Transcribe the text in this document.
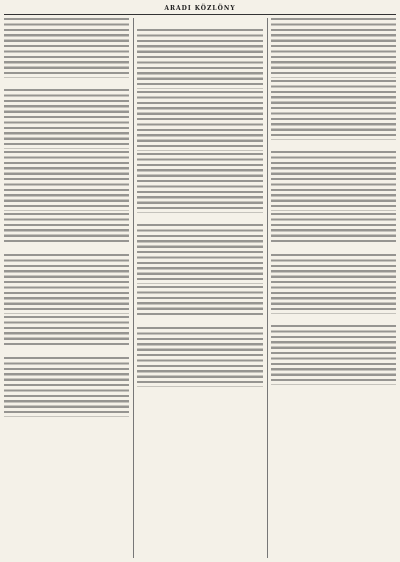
ARADI KÖZLÖNY
